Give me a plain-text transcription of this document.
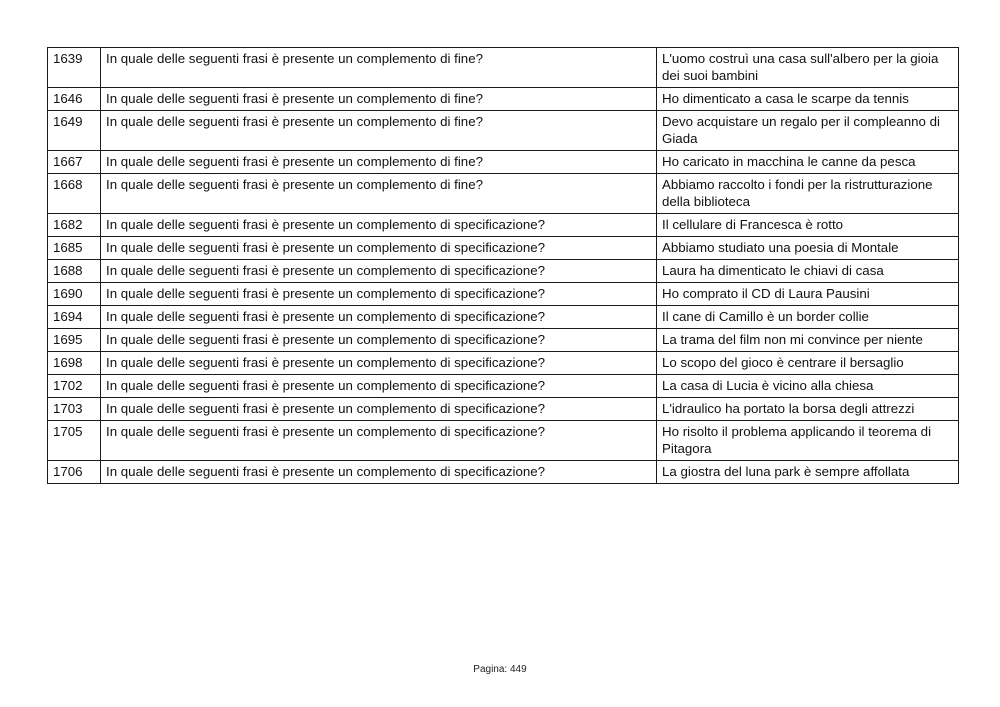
1639	In quale delle seguenti frasi è presente un complemento di fine?	L'uomo costruì una casa sull'albero per la gioia dei suoi bambini
1646	In quale delle seguenti frasi è presente un complemento di fine?	Ho dimenticato a casa le scarpe da tennis
1649	In quale delle seguenti frasi è presente un complemento di fine?	Devo acquistare un regalo per il compleanno di Giada
1667	In quale delle seguenti frasi è presente un complemento di fine?	Ho caricato in macchina le canne da pesca
1668	In quale delle seguenti frasi è presente un complemento di fine?	Abbiamo raccolto i fondi per la ristrutturazione della biblioteca
1682	In quale delle seguenti frasi è presente un complemento di specificazione?	Il cellulare di Francesca è rotto
1685	In quale delle seguenti frasi è presente un complemento di specificazione?	Abbiamo studiato una poesia di Montale
1688	In quale delle seguenti frasi è presente un complemento di specificazione?	Laura ha dimenticato le chiavi di casa
1690	In quale delle seguenti frasi è presente un complemento di specificazione?	Ho comprato il CD di Laura Pausini
1694	In quale delle seguenti frasi è presente un complemento di specificazione?	Il cane di Camillo è un border collie
1695	In quale delle seguenti frasi è presente un complemento di specificazione?	La trama del film non mi convince per niente
1698	In quale delle seguenti frasi è presente un complemento di specificazione?	Lo scopo del gioco è centrare il bersaglio
1702	In quale delle seguenti frasi è presente un complemento di specificazione?	La casa di Lucia è vicino alla chiesa
1703	In quale delle seguenti frasi è presente un complemento di specificazione?	L'idraulico ha portato la borsa degli attrezzi
1705	In quale delle seguenti frasi è presente un complemento di specificazione?	Ho risolto il problema applicando il teorema di Pitagora
1706	In quale delle seguenti frasi è presente un complemento di specificazione?	La giostra del luna park è sempre affollata
Pagina: 449
